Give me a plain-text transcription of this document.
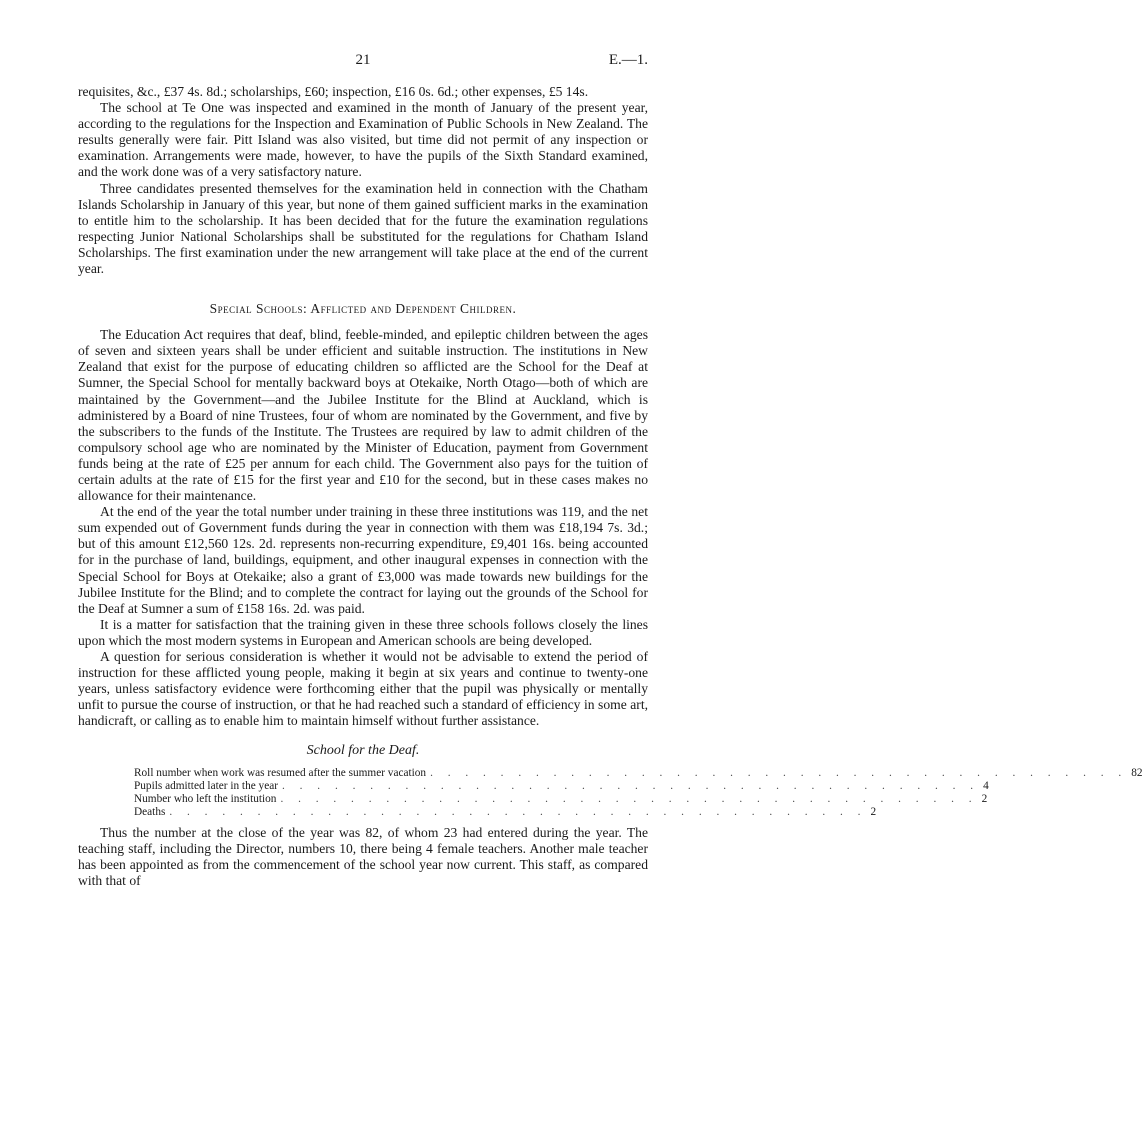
21	E.—1.

requisites, &c., £37 4s. 8d.; scholarships, £60; inspection, £16 0s. 6d.; other expenses, £5 14s.

The school at Te One was inspected and examined in the month of January of the present year, according to the regulations for the Inspection and Examination of Public Schools in New Zealand. The results generally were fair. Pitt Island was also visited, but time did not permit of any inspection or examination. Arrangements were made, however, to have the pupils of the Sixth Standard examined, and the work done was of a very satisfactory nature.

Three candidates presented themselves for the examination held in connection with the Chatham Islands Scholarship in January of this year, but none of them gained sufficient marks in the examination to entitle him to the scholarship. It has been decided that for the future the examination regulations respecting Junior National Scholarships shall be substituted for the regulations for Chatham Island Scholarships. The first examination under the new arrangement will take place at the end of the current year.

Special Schools: Afflicted and Dependent Children.

The Education Act requires that deaf, blind, feeble-minded, and epileptic children between the ages of seven and sixteen years shall be under efficient and suitable instruction. The institutions in New Zealand that exist for the purpose of educating children so afflicted are the School for the Deaf at Sumner, the Special School for mentally backward boys at Otekaike, North Otago—both of which are maintained by the Government—and the Jubilee Institute for the Blind at Auckland, which is administered by a Board of nine Trustees, four of whom are nominated by the Government, and five by the subscribers to the funds of the Institute. The Trustees are required by law to admit children of the compulsory school age who are nominated by the Minister of Education, payment from Government funds being at the rate of £25 per annum for each child. The Government also pays for the tuition of certain adults at the rate of £15 for the first year and £10 for the second, but in these cases makes no allowance for their maintenance.

At the end of the year the total number under training in these three institutions was 119, and the net sum expended out of Government funds during the year in connection with them was £18,194 7s. 3d.; but of this amount £12,560 12s. 2d. represents non-recurring expenditure, £9,401 16s. being accounted for in the purchase of land, buildings, equipment, and other inaugural expenses in connection with the Special School for Boys at Otekaike; also a grant of £3,000 was made towards new buildings for the Jubilee Institute for the Blind; and to complete the contract for laying out the grounds of the School for the Deaf at Sumner a sum of £158 16s. 2d. was paid.

It is a matter for satisfaction that the training given in these three schools follows closely the lines upon which the most modern systems in European and American schools are being developed.

A question for serious consideration is whether it would not be advisable to extend the period of instruction for these afflicted young people, making it begin at six years and continue to twenty-one years, unless satisfactory evidence were forthcoming either that the pupil was physically or mentally unfit to pursue the course of instruction, or that he had reached such a standard of efficiency in some art, handicraft, or calling as to enable him to maintain himself without further assistance.

School for the Deaf.
Roll number when work was resumed after the summer vacation . . . . . . . . . . . . . . . . . . . . . . . . . . . . . . . . . . . . . . . . 82
Pupils admitted later in the year . . . . . . . . . . . . . . . . . . . . . . . . . . . . . . . . . . . . . . . . 4
Number who left the institution . . . . . . . . . . . . . . . . . . . . . . . . . . . . . . . . . . . . . . . . 2
Deaths . . . . . . . . . . . . . . . . . . . . . . . . . . . . . . . . . . . . . . . . 2

Thus the number at the close of the year was 82, of whom 23 had entered during the year. The teaching staff, including the Director, numbers 10, there being 4 female teachers. Another male teacher has been appointed as from the commencement of the school year now current. This staff, as compared with that of
